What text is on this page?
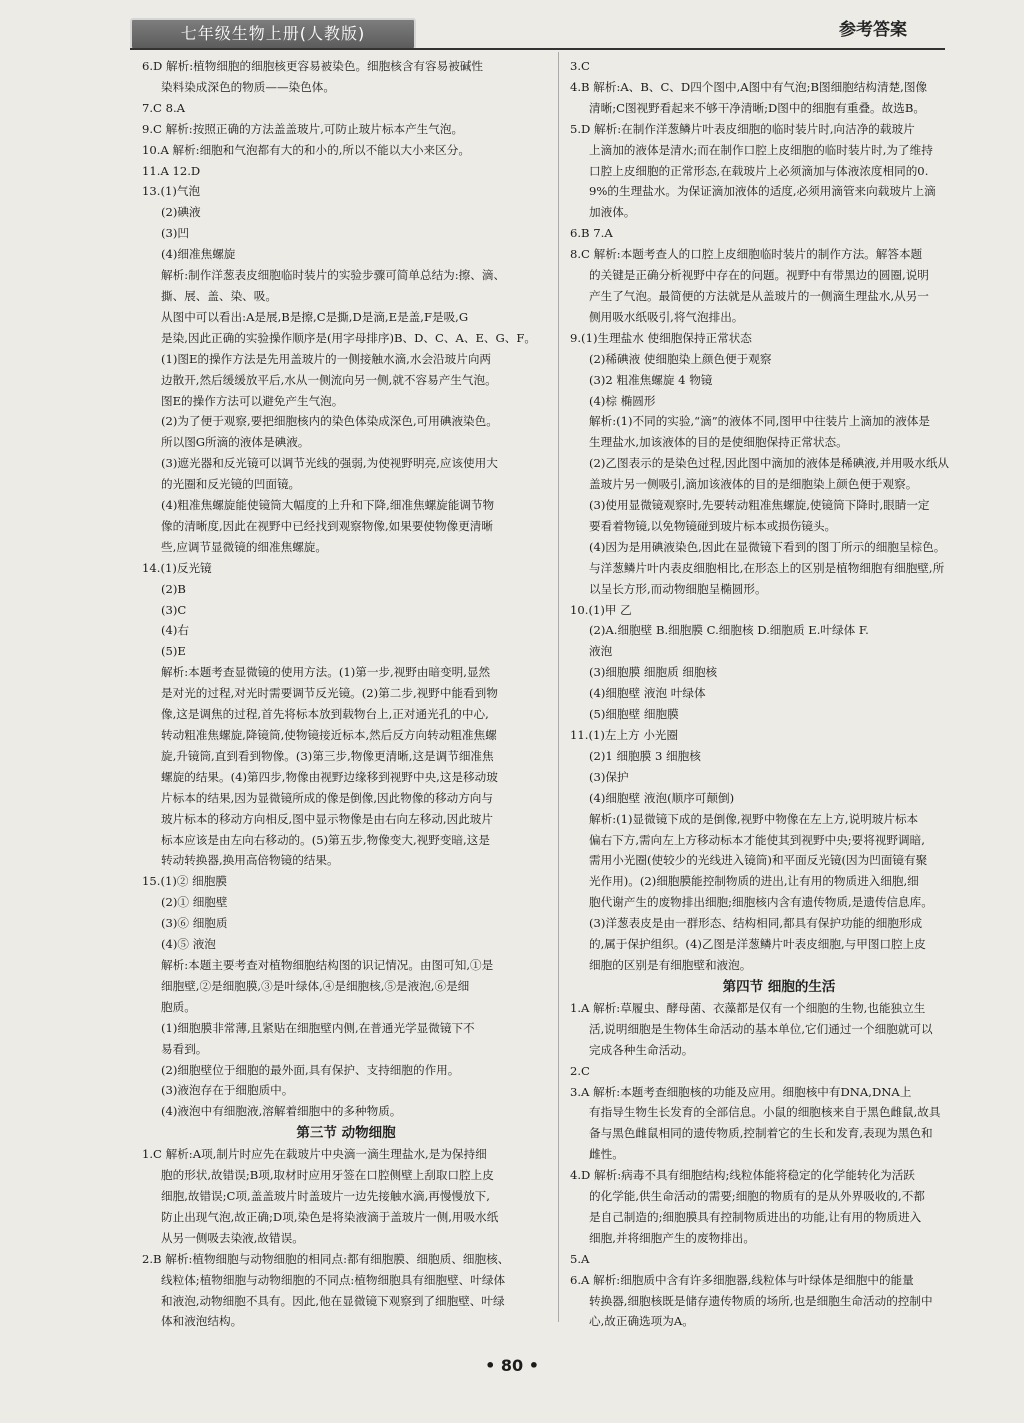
七年级生物上册(人教版)	参考答案
6.D 解析:植物细胞的细胞核更容易被染色。细胞核含有容易被碱性
染料染成深色的物质——染色体。
7.C 8.A
9.C 解析:按照正确的方法盖盖玻片,可防止玻片标本产生气泡。
10.A 解析:细胞和气泡都有大的和小的,所以不能以大小来区分。
11.A 12.D
13.(1)气泡
(2)碘液
(3)凹
(4)细准焦螺旋
解析:制作洋葱表皮细胞临时装片的实验步骤可简单总结为:擦、滴、
撕、展、盖、染、吸。
从图中可以看出:A是展,B是擦,C是撕,D是滴,E是盖,F是吸,G
是染,因此正确的实验操作顺序是(用字母排序)B、D、C、A、E、G、F。
(1)图E的操作方法是先用盖玻片的一侧接触水滴,水会沿玻片向两
边散开,然后缓缓放平后,水从一侧流向另一侧,就不容易产生气泡。
图E的操作方法可以避免产生气泡。
(2)为了便于观察,要把细胞核内的染色体染成深色,可用碘液染色。
所以图G所滴的液体是碘液。
(3)遮光器和反光镜可以调节光线的强弱,为使视野明亮,应该使用大
的光圈和反光镜的凹面镜。
(4)粗准焦螺旋能使镜筒大幅度的上升和下降,细准焦螺旋能调节物
像的清晰度,因此在视野中已经找到观察物像,如果要使物像更清晰
些,应调节显微镜的细准焦螺旋。
14.(1)反光镜
(2)B
(3)C
(4)右
(5)E
解析:本题考查显微镜的使用方法。(1)第一步,视野由暗变明,显然
是对光的过程,对光时需要调节反光镜。(2)第二步,视野中能看到物
像,这是调焦的过程,首先将标本放到载物台上,正对通光孔的中心,
转动粗准焦螺旋,降镜筒,使物镜接近标本,然后反方向转动粗准焦螺
旋,升镜筒,直到看到物像。(3)第三步,物像更清晰,这是调节细准焦
螺旋的结果。(4)第四步,物像由视野边缘移到视野中央,这是移动玻
片标本的结果,因为显微镜所成的像是倒像,因此物像的移动方向与
玻片标本的移动方向相反,图中显示物像是由右向左移动,因此玻片
标本应该是由左向右移动的。(5)第五步,物像变大,视野变暗,这是
转动转换器,换用高倍物镜的结果。
15.(1)② 细胞膜
(2)① 细胞壁
(3)⑥ 细胞质
(4)⑤ 液泡
解析:本题主要考查对植物细胞结构图的识记情况。由图可知,①是
细胞壁,②是细胞膜,③是叶绿体,④是细胞核,⑤是液泡,⑥是细
胞质。
(1)细胞膜非常薄,且紧贴在细胞壁内侧,在普通光学显微镜下不
易看到。
(2)细胞壁位于细胞的最外面,具有保护、支持细胞的作用。
(3)液泡存在于细胞质中。
(4)液泡中有细胞液,溶解着细胞中的多种物质。
第三节 动物细胞
1.C 解析:A项,制片时应先在载玻片中央滴一滴生理盐水,是为保持细
胞的形状,故错误;B项,取材时应用牙签在口腔侧壁上刮取口腔上皮
细胞,故错误;C项,盖盖玻片时盖玻片一边先接触水滴,再慢慢放下,
防止出现气泡,故正确;D项,染色是将染液滴于盖玻片一侧,用吸水纸
从另一侧吸去染液,故错误。
2.B 解析:植物细胞与动物细胞的相同点:都有细胞膜、细胞质、细胞核、
线粒体;植物细胞与动物细胞的不同点:植物细胞具有细胞壁、叶绿体
和液泡,动物细胞不具有。因此,他在显微镜下观察到了细胞壁、叶绿
体和液泡结构。
3.C
4.B 解析:A、B、C、D四个图中,A图中有气泡;B图细胞结构清楚,图像
清晰;C图视野看起来不够干净清晰;D图中的细胞有重叠。故选B。
5.D 解析:在制作洋葱鳞片叶表皮细胞的临时装片时,向洁净的载玻片
上滴加的液体是清水;而在制作口腔上皮细胞的临时装片时,为了维持
口腔上皮细胞的正常形态,在载玻片上必须滴加与体液浓度相同的0.
9%的生理盐水。为保证滴加液体的适度,必须用滴管来向载玻片上滴
加液体。
6.B 7.A
8.C 解析:本题考查人的口腔上皮细胞临时装片的制作方法。解答本题
的关键是正确分析视野中存在的问题。视野中有带黑边的圆圈,说明
产生了气泡。最简便的方法就是从盖玻片的一侧滴生理盐水,从另一
侧用吸水纸吸引,将气泡排出。
9.(1)生理盐水 使细胞保持正常状态
(2)稀碘液 使细胞染上颜色便于观察
(3)2 粗准焦螺旋 4 物镜
(4)棕 椭圆形
解析:(1)不同的实验,“滴”的液体不同,图甲中往装片上滴加的液体是
生理盐水,加该液体的目的是使细胞保持正常状态。
(2)乙图表示的是染色过程,因此图中滴加的液体是稀碘液,并用吸水纸从
盖玻片另一侧吸引,滴加该液体的目的是细胞染上颜色便于观察。
(3)使用显微镜观察时,先要转动粗准焦螺旋,使镜筒下降时,眼睛一定
要看着物镜,以免物镜碰到玻片标本或损伤镜头。
(4)因为是用碘液染色,因此在显微镜下看到的图丁所示的细胞呈棕色。
与洋葱鳞片叶内表皮细胞相比,在形态上的区别是植物细胞有细胞壁,所
以呈长方形,而动物细胞呈椭圆形。
10.(1)甲 乙
(2)A.细胞壁 B.细胞膜 C.细胞核 D.细胞质 E.叶绿体 F.
液泡
(3)细胞膜 细胞质 细胞核
(4)细胞壁 液泡 叶绿体
(5)细胞壁 细胞膜
11.(1)左上方 小光圈
(2)1 细胞膜 3 细胞核
(3)保护
(4)细胞壁 液泡(顺序可颠倒)
解析:(1)显微镜下成的是倒像,视野中物像在左上方,说明玻片标本
偏右下方,需向左上方移动标本才能使其到视野中央;要将视野调暗,
需用小光圈(使较少的光线进入镜筒)和平面反光镜(因为凹面镜有聚
光作用)。(2)细胞膜能控制物质的进出,让有用的物质进入细胞,细
胞代谢产生的废物排出细胞;细胞核内含有遗传物质,是遗传信息库。
(3)洋葱表皮是由一群形态、结构相同,都具有保护功能的细胞形成
的,属于保护组织。(4)乙图是洋葱鳞片叶表皮细胞,与甲图口腔上皮
细胞的区别是有细胞壁和液泡。
第四节 细胞的生活
1.A 解析:草履虫、酵母菌、衣藻都是仅有一个细胞的生物,也能独立生
活,说明细胞是生物体生命活动的基本单位,它们通过一个细胞就可以
完成各种生命活动。
2.C
3.A 解析:本题考查细胞核的功能及应用。细胞核中有DNA,DNA上
有指导生物生长发育的全部信息。小鼠的细胞核来自于黑色雌鼠,故具
备与黑色雌鼠相同的遗传物质,控制着它的生长和发育,表现为黑色和
雌性。
4.D 解析:病毒不具有细胞结构;线粒体能将稳定的化学能转化为活跃
的化学能,供生命活动的需要;细胞的物质有的是从外界吸收的,不都
是自己制造的;细胞膜具有控制物质进出的功能,让有用的物质进入
细胞,并将细胞产生的废物排出。
5.A
6.A 解析:细胞质中含有许多细胞器,线粒体与叶绿体是细胞中的能量
转换器,细胞核既是储存遗传物质的场所,也是细胞生命活动的控制中
心,故正确选项为A。
• 80 •
